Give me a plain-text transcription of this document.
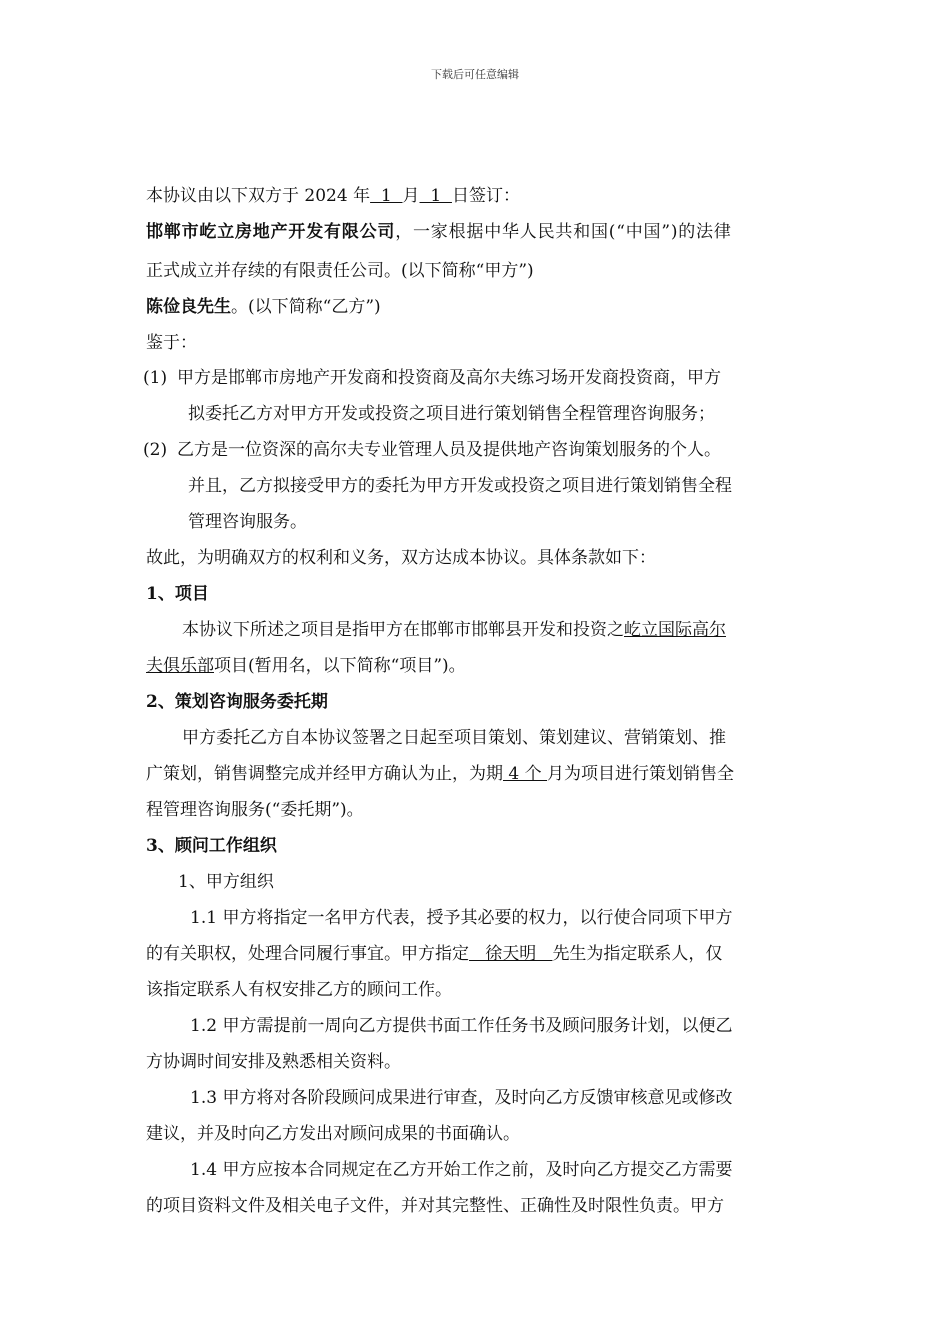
下载后可任意编辑
本协议由以下双方于 2024 年  1  月  1  日签订：
邯郸市屹立房地产开发有限公司，一家根据中华人民共和国(“中国”)的法律
正式成立并存续的有限责任公司。(以下简称“甲方”)
陈俭良先生。(以下简称“乙方”)
鉴于：
(1) 甲方是邯郸市房地产开发商和投资商及高尔夫练习场开发商投资商，甲方
拟委托乙方对甲方开发或投资之项目进行策划销售全程管理咨询服务；
(2) 乙方是一位资深的高尔夫专业管理人员及提供地产咨询策划服务的个人。
并且，乙方拟接受甲方的委托为甲方开发或投资之项目进行策划销售全程
管理咨询服务。
故此，为明确双方的权利和义务，双方达成本协议。具体条款如下：
1、项目
本协议下所述之项目是指甲方在邯郸市邯郸县开发和投资之屹立国际高尔
夫俱乐部项目(暂用名，以下简称“项目”)。
2、策划咨询服务委托期
甲方委托乙方自本协议签署之日起至项目策划、策划建议、营销策划、推
广策划，销售调整完成并经甲方确认为止，为期 4 个 月为项目进行策划销售全
程管理咨询服务(“委托期”)。
3、顾问工作组织
1、甲方组织
1.1 甲方将指定一名甲方代表，授予其必要的权力，以行使合同项下甲方
的有关职权，处理合同履行事宜。甲方指定   徐天明   先生为指定联系人，仅
该指定联系人有权安排乙方的顾问工作。
1.2 甲方需提前一周向乙方提供书面工作任务书及顾问服务计划，以便乙
方协调时间安排及熟悉相关资料。
1.3 甲方将对各阶段顾问成果进行审查，及时向乙方反馈审核意见或修改
建议，并及时向乙方发出对顾问成果的书面确认。
1.4 甲方应按本合同规定在乙方开始工作之前，及时向乙方提交乙方需要
的项目资料文件及相关电子文件，并对其完整性、正确性及时限性负责。甲方
